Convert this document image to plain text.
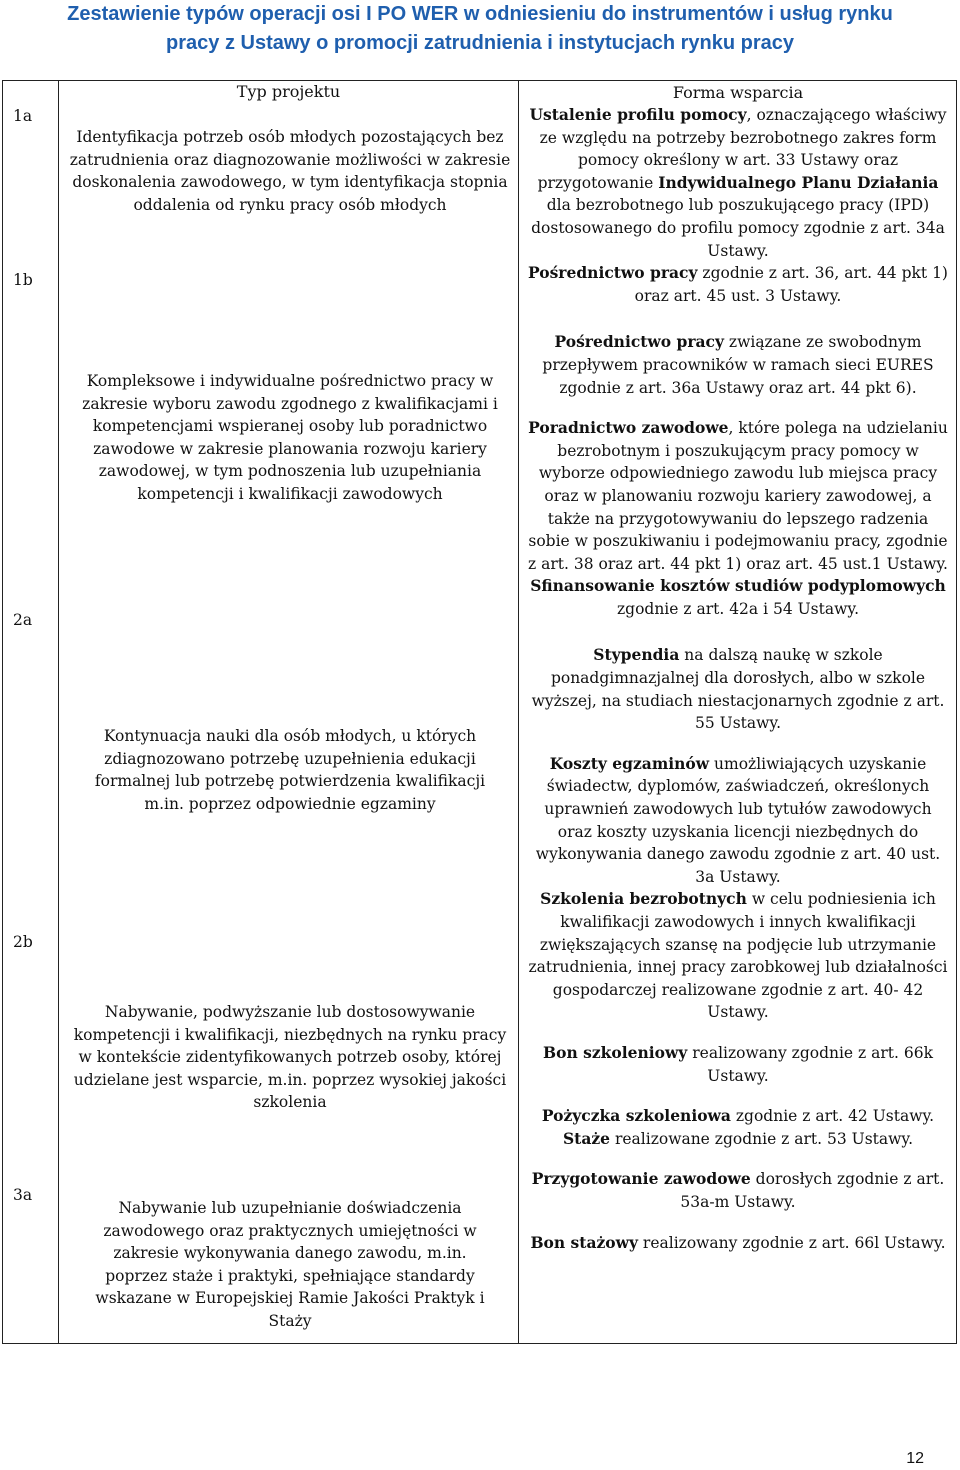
Zestawienie typów operacji osi I PO WER w odniesieniu do instrumentów i usług rynku pracy z Ustawy o promocji zatrudnienia i instytucjach rynku pracy
Typ projektu	Forma wsparcia
1a
1b
2a
2b
3a
Identyfikacja potrzeb osób młodych pozostających bez zatrudnienia oraz diagnozowanie możliwości w zakresie doskonalenia zawodowego, w tym identyfikacja stopnia oddalenia od rynku pracy osób młodych
Kompleksowe i indywidualne pośrednictwo pracy w zakresie wyboru zawodu zgodnego z kwalifikacjami i kompetencjami wspieranej osoby lub poradnictwo zawodowe w zakresie planowania rozwoju kariery zawodowej, w tym podnoszenia lub uzupełniania kompetencji i kwalifikacji zawodowych
Kontynuacja nauki dla osób młodych, u których zdiagnozowano potrzebę uzupełnienia edukacji formalnej lub potrzebę potwierdzenia kwalifikacji m.in. poprzez odpowiednie egzaminy
Nabywanie, podwyższanie lub dostosowywanie kompetencji i kwalifikacji, niezbędnych na rynku pracy w kontekście zidentyfikowanych potrzeb osoby, której udzielane jest wsparcie, m.in. poprzez wysokiej jakości szkolenia
Nabywanie lub uzupełnianie doświadczenia zawodowego oraz praktycznych umiejętności w zakresie wykonywania danego zawodu, m.in. poprzez staże i praktyki, spełniające standardy wskazane w Europejskiej Ramie Jakości Praktyk i Staży
Ustalenie profilu pomocy, oznaczającego właściwy ze względu na potrzeby bezrobotnego zakres form pomocy określony w art. 33 Ustawy oraz przygotowanie Indywidualnego Planu Działania dla bezrobotnego lub poszukującego pracy (IPD) dostosowanego do profilu pomocy zgodnie z art. 34a Ustawy.
Pośrednictwo pracy zgodnie z art. 36, art. 44 pkt 1) oraz art. 45 ust. 3 Ustawy.
Pośrednictwo pracy związane ze swobodnym przepływem pracowników w ramach sieci EURES zgodnie z art. 36a Ustawy oraz art. 44 pkt 6).
Poradnictwo zawodowe, które polega na udzielaniu bezrobotnym i poszukującym pracy pomocy w wyborze odpowiedniego zawodu lub miejsca pracy oraz w planowaniu rozwoju kariery zawodowej, a także na przygotowywaniu do lepszego radzenia sobie w poszukiwaniu i podejmowaniu pracy, zgodnie z art. 38 oraz art. 44 pkt 1) oraz art. 45 ust.1 Ustawy.
Sfinansowanie kosztów studiów podyplomowych zgodnie z art. 42a i 54 Ustawy.
Stypendia na dalszą naukę w szkole ponadgimnazjalnej dla dorosłych, albo w szkole wyższej, na studiach niestacjonarnych zgodnie z art. 55 Ustawy.
Koszty egzaminów umożliwiających uzyskanie świadectw, dyplomów, zaświadczeń, określonych uprawnień zawodowych lub tytułów zawodowych oraz koszty uzyskania licencji niezbędnych do wykonywania danego zawodu zgodnie z art. 40 ust. 3a Ustawy.
Szkolenia bezrobotnych w celu podniesienia ich kwalifikacji zawodowych i innych kwalifikacji zwiększających szansę na podjęcie lub utrzymanie zatrudnienia, innej pracy zarobkowej lub działalności gospodarczej realizowane zgodnie z art. 40- 42 Ustawy.
Bon szkoleniowy realizowany zgodnie z art. 66k Ustawy.
Pożyczka szkoleniowa zgodnie z art. 42 Ustawy.
Staże realizowane zgodnie z art. 53 Ustawy.
Przygotowanie zawodowe dorosłych zgodnie z art. 53a-m Ustawy.
Bon stażowy realizowany zgodnie z art. 66l Ustawy.
12
